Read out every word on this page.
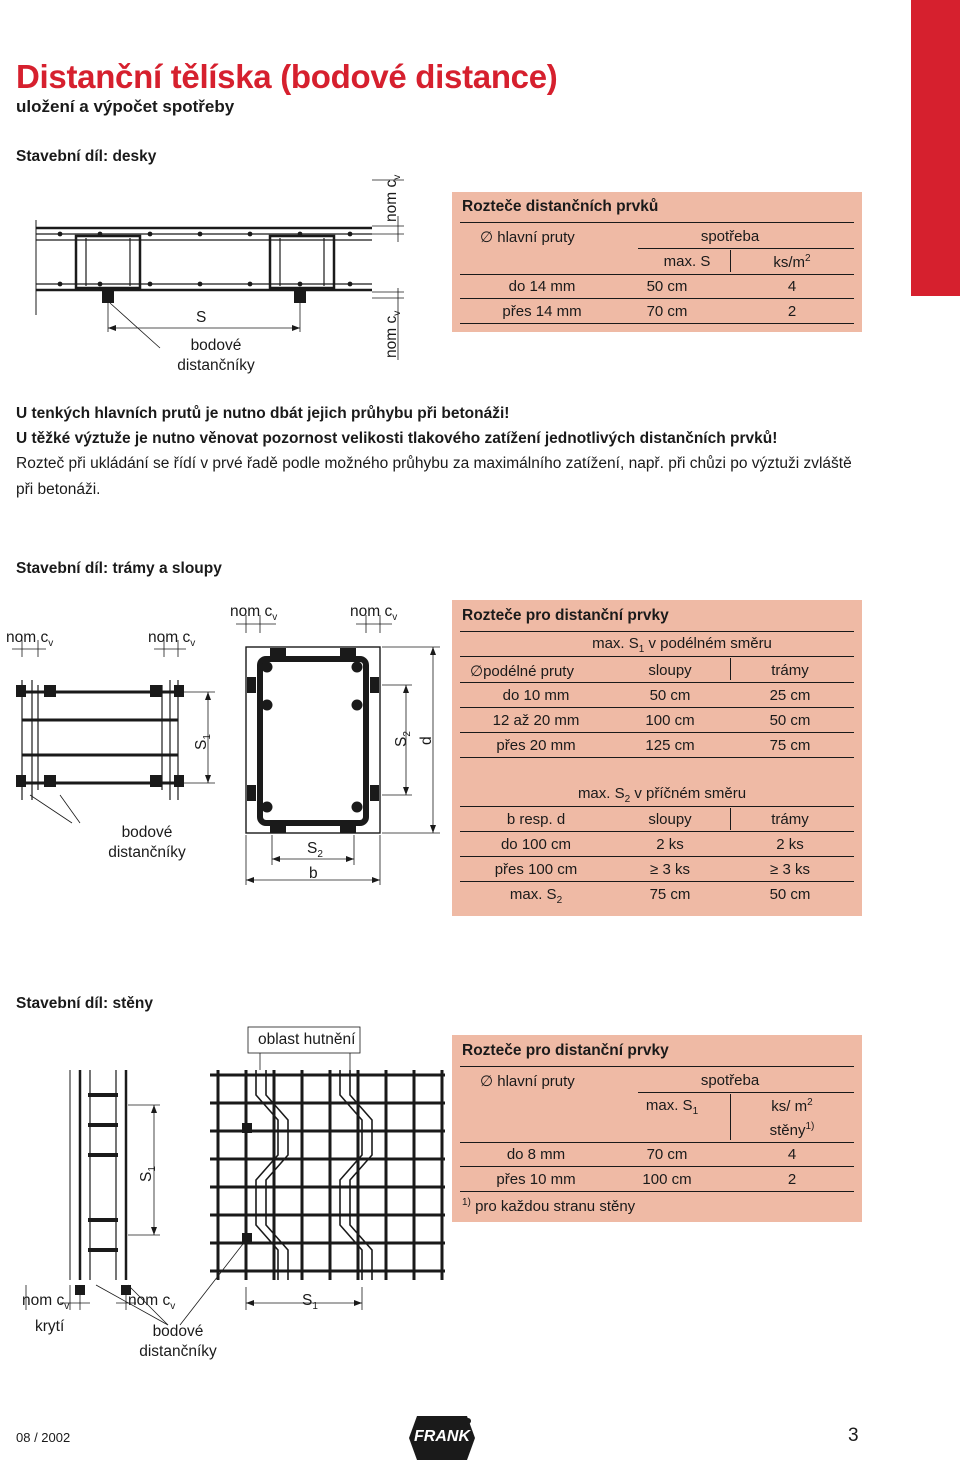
Distanční tělíska (bodové distance)
uložení a výpočet spotřeby
Stavební díl: desky
S
bodové
distančníky
nom $c_v$
nom $c_v$
Rozteče distančních prvků
∅ hlavní pruty	spotřeba
max. S	$ks/m^2$
do 14 mm	50 cm	4
přes 14 mm	70 cm	2
U tenkých hlavních prutů je nutno dbát jejich průhybu při betonáži!
U těžké výztuže je nutno věnovat pozornost velikosti tlakového zatížení jednotlivých distančních prvků!
Rozteč při ukládání se řídí v prvé řadě podle možného průhybu za maximálního zatížení, např. při chůzi po výztuži zvláště
při betonáži.
Stavební díl: trámy a sloupy
nom $c_v$	nom $c_v$
nom $c_v$	nom $c_v$
$S_1$	$S_2$
d
$S_2$
b
bodové
distančníky
Rozteče pro distanční prvky
max. $S_1$ v podélném směru
∅podélné pruty	sloupy	trámy
do 10 mm	50 cm	25 cm
12 až 20 mm	100 cm	50 cm
přes 20 mm	125 cm	75 cm
max. $S_2$ v příčném směru
b resp. d	sloupy	trámy
do 100 cm	2 ks	2 ks
přes 100 cm	≥ 3 ks	≥ 3 ks
max. $S_2$	75 cm	50 cm
Stavební díl: stěny
oblast hutnění
$S_1$
nom $c_v$	nom $c_v$	$S_1$
krytí	bodové
distančníky
Rozteče pro distanční prvky
∅ hlavní pruty	spotřeba
max. $S_1$	ks/ $m^2$
stěny$^{1)}$
do 8 mm	70 cm	4
přes 10 mm	100 cm	2
$^{1)}$ pro každou stranu stěny
08 / 2002	FRANK	3
